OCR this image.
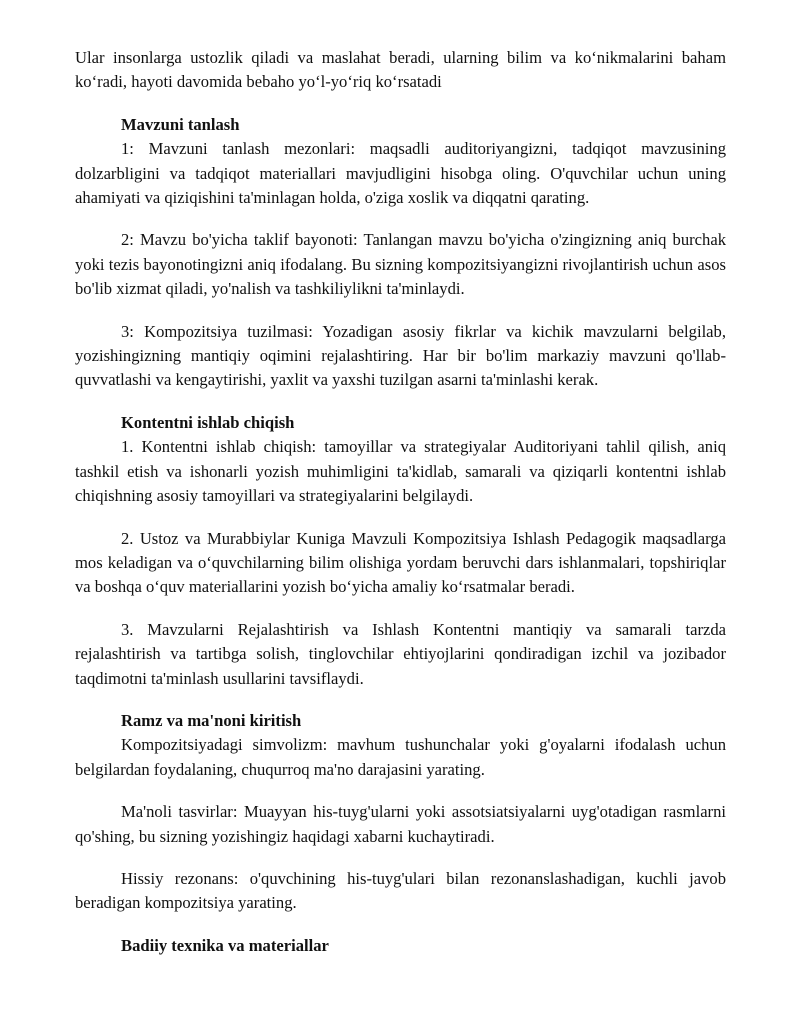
Ular insonlarga ustozlik qiladi va maslahat beradi, ularning bilim va ko‘nikmalarini baham ko‘radi, hayoti davomida bebaho yo‘l-yo‘riq ko‘rsatadi

Mavzuni tanlash

1: Mavzuni tanlash mezonlari: maqsadli auditoriyangizni, tadqiqot mavzusining dolzarbligini va tadqiqot materiallari mavjudligini hisobga oling. O'quvchilar uchun uning ahamiyati va qiziqishini ta'minlagan holda, o'ziga xoslik va diqqatni qarating.

2: Mavzu bo'yicha taklif bayonoti: Tanlangan mavzu bo'yicha o'zingizning aniq burchak yoki tezis bayonotingizni aniq ifodalang. Bu sizning kompozitsiyangizni rivojlantirish uchun asos bo'lib xizmat qiladi, yo'nalish va tashkiliylikni ta'minlaydi.

3: Kompozitsiya tuzilmasi: Yozadigan asosiy fikrlar va kichik mavzularni belgilab, yozishingizning mantiqiy oqimini rejalashtiring. Har bir bo'lim markaziy mavzuni qo'llab-quvvatlashi va kengaytirishi, yaxlit va yaxshi tuzilgan asarni ta'minlashi kerak.

Kontentni ishlab chiqish

1. Kontentni ishlab chiqish: tamoyillar va strategiyalar Auditoriyani tahlil qilish, aniq tashkil etish va ishonarli yozish muhimligini ta'kidlab, samarali va qiziqarli kontentni ishlab chiqishning asosiy tamoyillari va strategiyalarini belgilaydi.

2. Ustoz va Murabbiylar Kuniga Mavzuli Kompozitsiya Ishlash Pedagogik maqsadlarga mos keladigan va o‘quvchilarning bilim olishiga yordam beruvchi dars ishlanmalari, topshiriqlar va boshqa o‘quv materiallarini yozish bo‘yicha amaliy ko‘rsatmalar beradi.

3. Mavzularni Rejalashtirish va Ishlash Kontentni mantiqiy va samarali tarzda rejalashtirish va tartibga solish, tinglovchilar ehtiyojlarini qondiradigan izchil va jozibador taqdimotni ta'minlash usullarini tavsiflaydi.

Ramz va ma'noni kiritish

Kompozitsiyadagi simvolizm: mavhum tushunchalar yoki g'oyalarni ifodalash uchun belgilardan foydalaning, chuqurroq ma'no darajasini yarating.

Ma'noli tasvirlar: Muayyan his-tuyg'ularni yoki assotsiatsiyalarni uyg'otadigan rasmlarni qo'shing, bu sizning yozishingiz haqidagi xabarni kuchaytiradi.

Hissiy rezonans: o'quvchining his-tuyg'ulari bilan rezonanslashadigan, kuchli javob beradigan kompozitsiya yarating.

Badiiy texnika va materiallar
